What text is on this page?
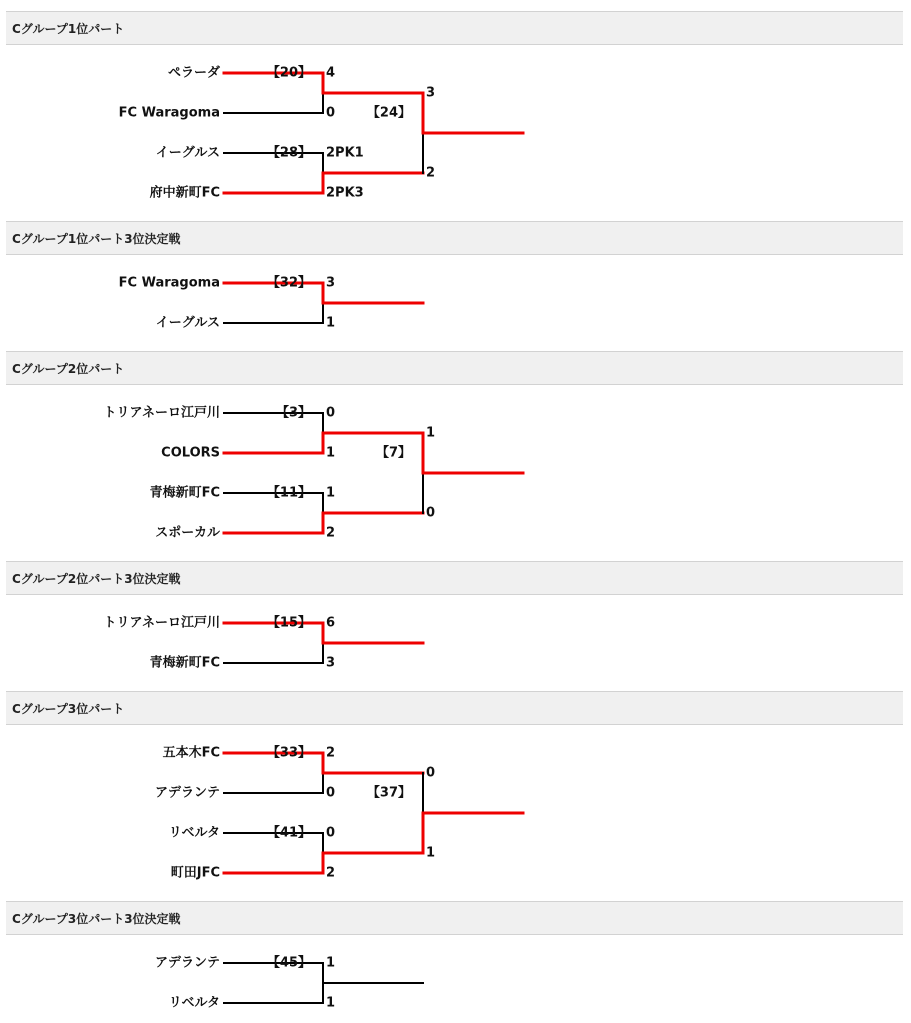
Cグループ1位パート
Cグループ1位パート3位決定戦
Cグループ2位パート
Cグループ2位パート3位決定戦
Cグループ3位パート
Cグループ3位パート3位決定戦
ペラーダ
FC Waragoma
イーグルス
府中新町FC
4
0
【20】
2PK1
2PK3
【28】
3
2
【24】
FC Waragoma
イーグルス
3
1
【32】
トリアネーロ江戸川
COLORS
青梅新町FC
スポーカル
0
1
【3】
1
2
【11】
1
0
【7】
トリアネーロ江戸川
青梅新町FC
6
3
【15】
五本木FC
アデランテ
リベルタ
町田JFC
2
0
【33】
0
2
【41】
0
1
【37】
アデランテ
リベルタ
1
1
【45】
